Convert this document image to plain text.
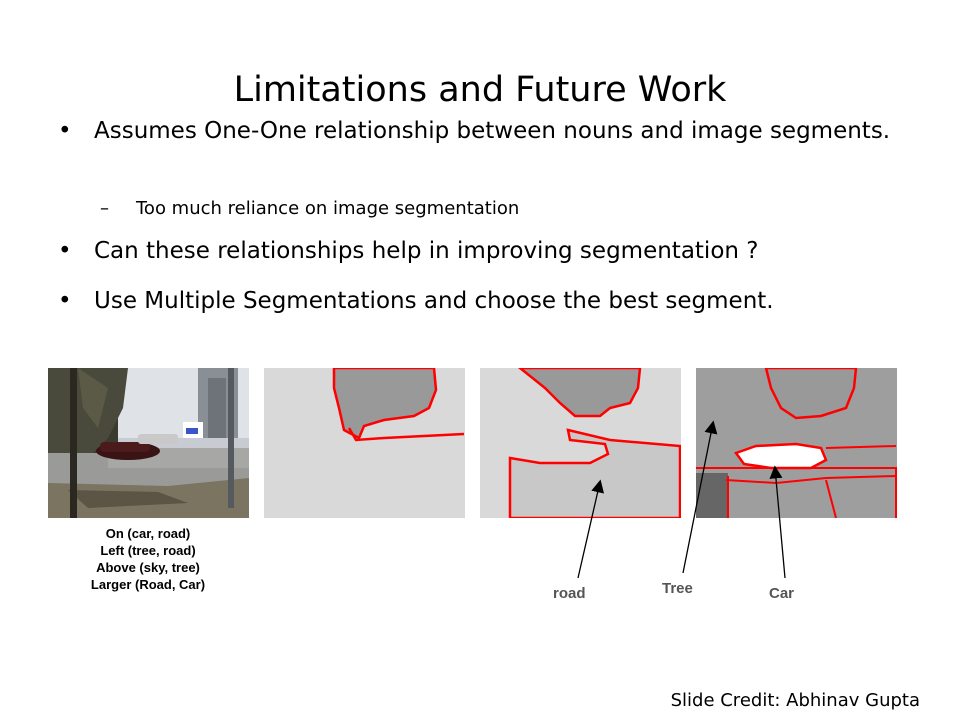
Limitations and Future Work
• Assumes One-One relationship between nouns and image segments.
– Too much reliance on image segmentation
• Can these relationships help in improving segmentation ?
• Use Multiple Segmentations and choose the best segment.
On (car, road)
Left (tree, road)
Above (sky, tree)
Larger (Road, Car)
road	Tree	Car
Slide Credit: Abhinav Gupta
